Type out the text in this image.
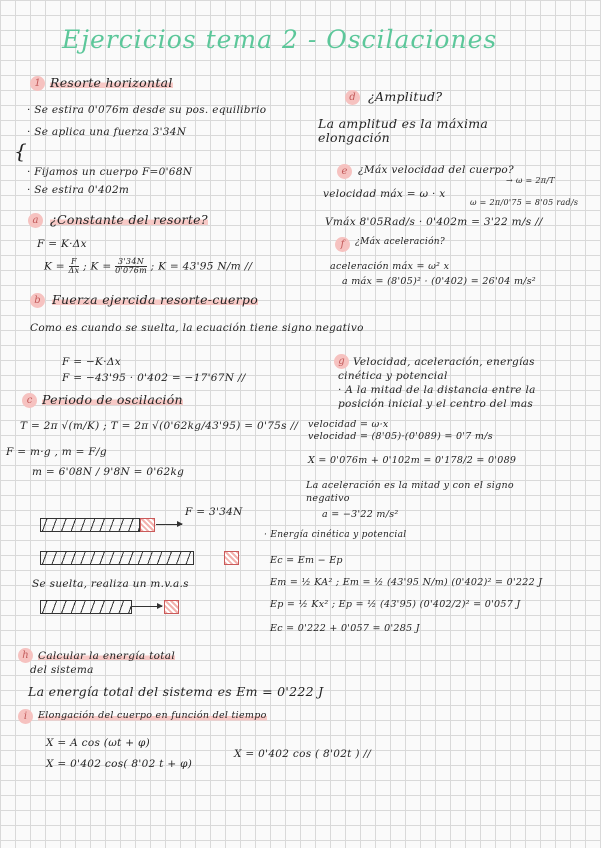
Ejercicios tema 2 - Oscilaciones
1 Resorte horizontal
· Se estira 0'076m desde su pos. equilibrio
· Se aplica una fuerza 3'34N
{
· Fijamos un cuerpo F=0'68N
· Se estira 0'402m
a ¿Constante del resorte?
F = K·Δx
$K = \frac{F}{\Delta x}$ ; $K = \frac{3'34N}{0'076m}$ ; K = 43'95 N/m //
b Fuerza ejercida resorte-cuerpo
Como es cuando se suelta, la ecuación tiene signo negativo
F = −K·Δx
F = −43'95 · 0'402 = −17'67N //
c Periodo de oscilación
T = 2π √(m/K) ; T = 2π √(0'62kg/43'95) = 0'75s //
F = m·g , m = F/g
m = 6'08N / 9'8N = 0'62kg
F = 3'34N
Se suelta, realiza un m.v.a.s
d ¿Amplitud?
La amplitud es la máxima
elongación
e	¿Máx velocidad del cuerpo?
velocidad máx = ω · x
→ ω = 2π/T
ω = 2π/0'75 = 8'05 rad/s
Vmáx 8'05Rad/s · 0'402m = 3'22 m/s //
f	¿Máx aceleración?
aceleración máx = ω² x
a máx = (8'05)² · (0'402) = 26'04 m/s²
g Velocidad, aceleración, energías
cinética y potencial
· A la mitad de la distancia entre la
posición inicial y el centro del mas
velocidad = ω·x
velocidad = (8'05)·(0'089) = 0'7 m/s
X = 0'076m + 0'102m = 0'178/2 = 0'089
La aceleración es la mitad y con el signo
negativo
a = −3'22 m/s²
· Energía cinética y potencial
Ec = Em − Ep
Em = ½ KA² ; Em = ½ (43'95 N/m) (0'402)² = 0'222 J
Ep = ½ Kx² ; Ep = ½ (43'95) (0'402/2)² = 0'057 J
Ec = 0'222 + 0'057 = 0'285 J
h Calcular la energía total
del sistema
La energía total del sistema es Em = 0'222 J
i	Elongación del cuerpo en función del tiempo
X = A cos (ωt + φ)
X = 0'402 cos( 8'02 t + φ)
X = 0'402 cos ( 8'02t ) //
